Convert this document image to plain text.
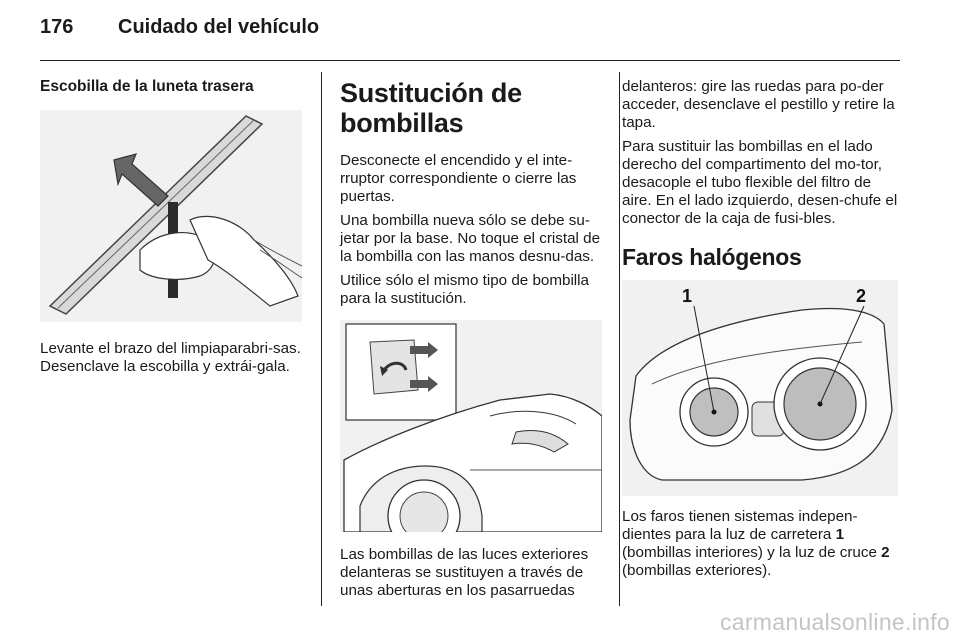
176 Cuidado del vehículo
Escobilla de la luneta trasera

Levante el brazo del limpiaparabri-sas. Desenclave la escobilla y extrái-gala.

Sustitución de bombillas

Desconecte el encendido y el inte-rruptor correspondiente o cierre las puertas.

Una bombilla nueva sólo se debe su-jetar por la base. No toque el cristal de la bombilla con las manos desnu-das.

Utilice sólo el mismo tipo de bombilla para la sustitución.

Las bombillas de las luces exteriores delanteras se sustituyen a través de unas aberturas en los pasarruedas

delanteros: gire las ruedas para po-der acceder, desenclave el pestillo y retire la tapa.

Para sustituir las bombillas en el lado derecho del compartimento del mo-tor, desacople el tubo flexible del filtro de aire. En el lado izquierdo, desen-chufe el conector de la caja de fusi-bles.

Faros halógenos
1	2

Los faros tienen sistemas indepen-dientes para la luz de carretera 1 (bombillas interiores) y la luz de cruce 2 (bombillas exteriores).

carmanualsonline.info
